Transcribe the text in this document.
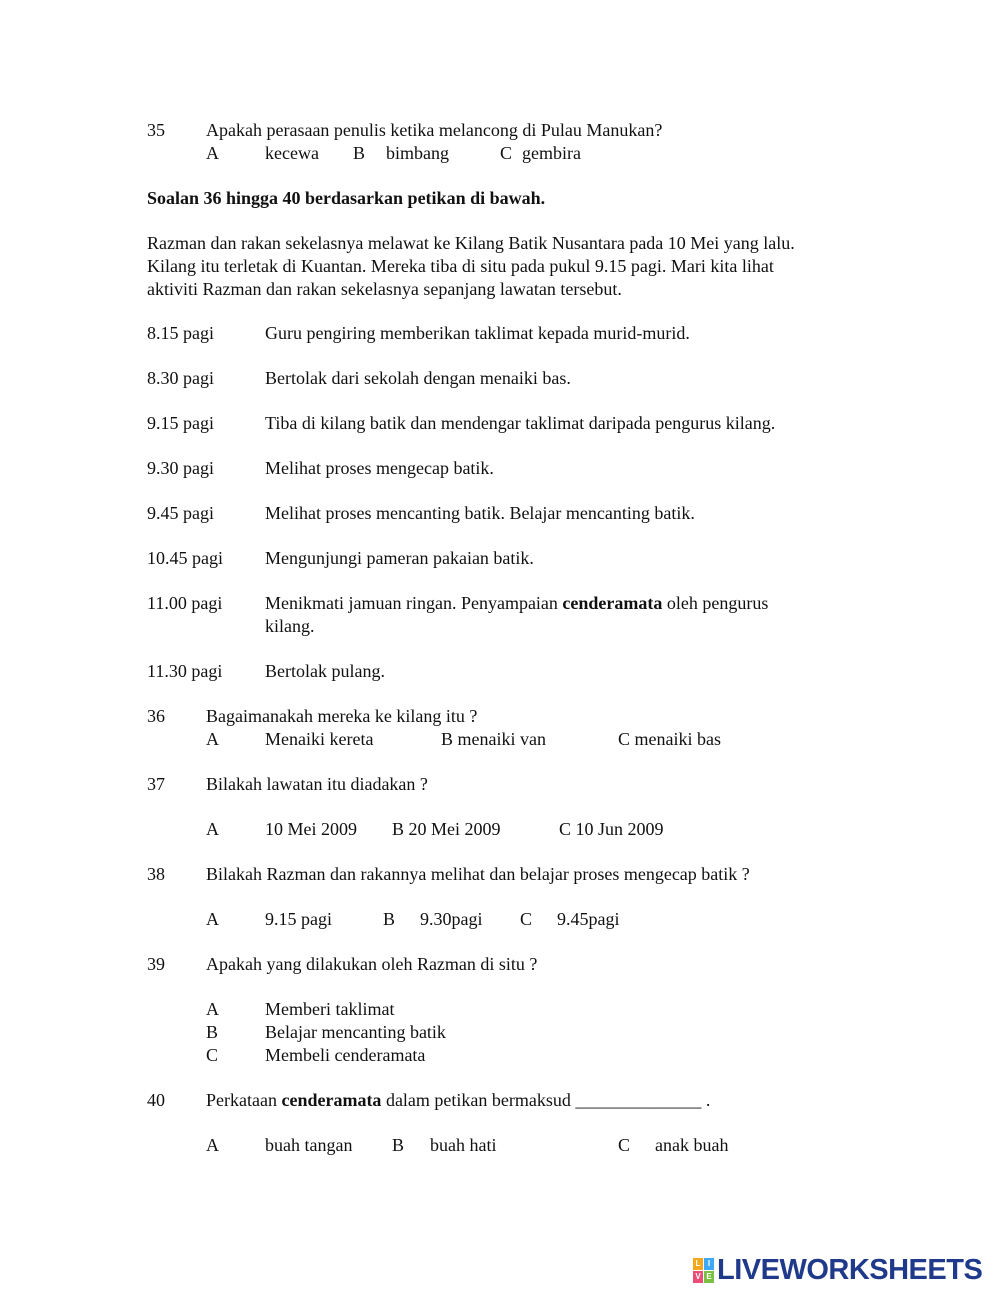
35 Apakah perasaan penulis ketika melancong di Pulau Manukan?
A	kecewa B bimbang	C gembira
Soalan 36 hingga 40 berdasarkan petikan di bawah.
Razman dan rakan sekelasnya melawat ke Kilang Batik Nusantara pada 10 Mei yang lalu.
Kilang itu terletak di Kuantan. Mereka tiba di situ pada pukul 9.15 pagi. Mari kita lihat
aktiviti Razman dan rakan sekelasnya sepanjang lawatan tersebut.
8.15 pagi	Guru pengiring memberikan taklimat kepada murid-murid.
8.30 pagi	Bertolak dari sekolah dengan menaiki bas.
9.15 pagi	Tiba di kilang batik dan mendengar taklimat daripada pengurus kilang.
9.30 pagi	Melihat proses mengecap batik.
9.45 pagi	Melihat proses mencanting batik. Belajar mencanting batik.
10.45 pagi Mengunjungi pameran pakaian batik.
11.00 pagi Menikmati jamuan ringan. Penyampaian cenderamata oleh pengurus
kilang.
11.30 pagi Bertolak pulang.
36 Bagaimanakah mereka ke kilang itu ?
A	Menaiki kereta	B menaiki van	C menaiki bas
37 Bilakah lawatan itu diadakan ?
A	10 Mei 2009 B 20 Mei 2009	C 10 Jun 2009
38 Bilakah Razman dan rakannya melihat dan belajar proses mengecap batik ?
A	9.15 pagi	B 9.30pagi C 9.45pagi
39 Apakah yang dilakukan oleh Razman di situ ?
A	Memberi taklimat
B	Belajar mencanting batik
C	Membeli cenderamata
40 Perkataan cenderamata dalam petikan bermaksud ______________ .
A	buah tangan B buah hati	C anak buah
L I
V E LIVEWORKSHEETS
